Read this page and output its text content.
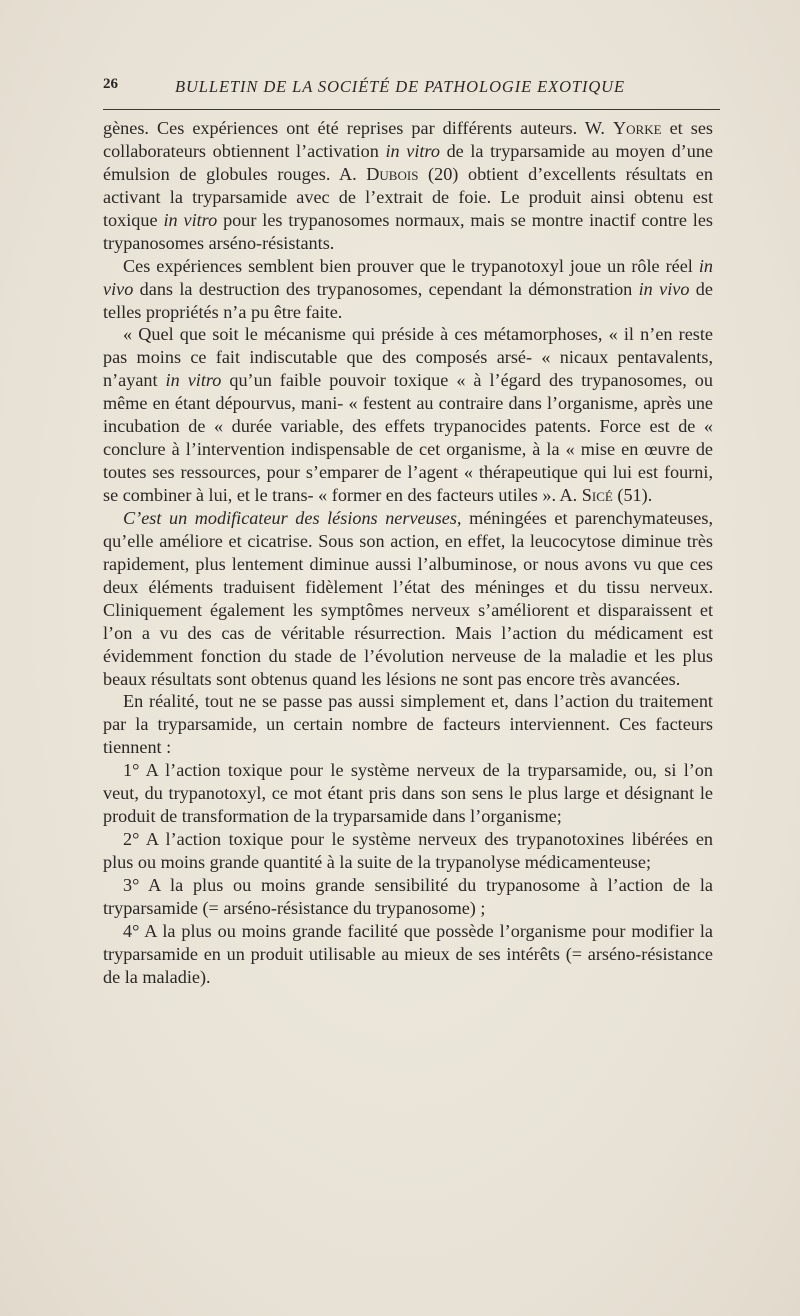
26	BULLETIN DE LA SOCIÉTÉ DE PATHOLOGIE EXOTIQUE

gènes. Ces expériences ont été reprises par différents auteurs. W. Yorke et ses collaborateurs obtiennent l’activation in vitro de la tryparsamide au moyen d’une émulsion de globules rouges. A. Dubois (20) obtient d’excellents résultats en activant la tryparsamide avec de l’extrait de foie. Le produit ainsi obtenu est toxique in vitro pour les trypanosomes normaux, mais se montre inactif contre les trypanosomes arséno-résistants.

Ces expériences semblent bien prouver que le trypanotoxyl joue un rôle réel in vivo dans la destruction des trypanosomes, cependant la démonstration in vivo de telles propriétés n’a pu être faite.

« Quel que soit le mécanisme qui préside à ces métamorphoses, « il n’en reste pas moins ce fait indiscutable que des composés arsé- « nicaux pentavalents, n’ayant in vitro qu’un faible pouvoir toxique « à l’égard des trypanosomes, ou même en étant dépourvus, mani- « festent au contraire dans l’organisme, après une incubation de « durée variable, des effets trypanocides patents. Force est de « conclure à l’intervention indispensable de cet organisme, à la « mise en œuvre de toutes ses ressources, pour s’emparer de l’agent « thérapeutique qui lui est fourni, se combiner à lui, et le trans- « former en des facteurs utiles ». A. Sicé (51).

C’est un modificateur des lésions nerveuses, méningées et parenchymateuses, qu’elle améliore et cicatrise. Sous son action, en effet, la leucocytose diminue très rapidement, plus lentement diminue aussi l’albuminose, or nous avons vu que ces deux éléments traduisent fidèlement l’état des méninges et du tissu nerveux. Cliniquement également les symptômes nerveux s’améliorent et disparaissent et l’on a vu des cas de véritable résurrection. Mais l’action du médicament est évidemment fonction du stade de l’évolution nerveuse de la maladie et les plus beaux résultats sont obtenus quand les lésions ne sont pas encore très avancées.

En réalité, tout ne se passe pas aussi simplement et, dans l’action du traitement par la tryparsamide, un certain nombre de facteurs interviennent. Ces facteurs tiennent :

1° A l’action toxique pour le système nerveux de la tryparsamide, ou, si l’on veut, du trypanotoxyl, ce mot étant pris dans son sens le plus large et désignant le produit de transformation de la tryparsamide dans l’organisme;

2° A l’action toxique pour le système nerveux des trypanotoxines libérées en plus ou moins grande quantité à la suite de la trypanolyse médicamenteuse;

3° A la plus ou moins grande sensibilité du trypanosome à l’action de la tryparsamide (= arséno-résistance du trypanosome) ;

4° A la plus ou moins grande facilité que possède l’organisme pour modifier la tryparsamide en un produit utilisable au mieux de ses intérêts (= arséno-résistance de la maladie).
